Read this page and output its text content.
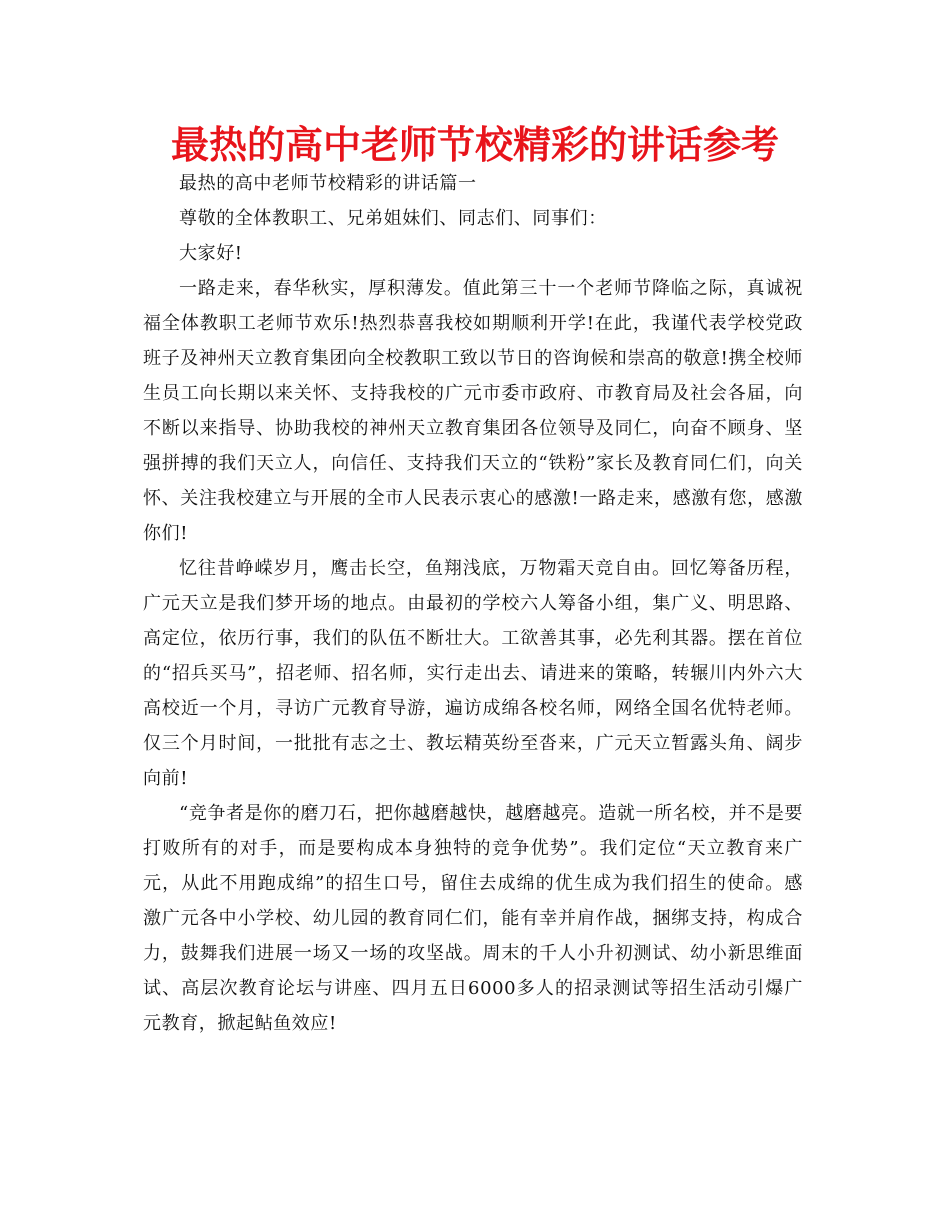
最热的高中老师节校精彩的讲话参考

最热的高中老师节校精彩的讲话篇一

尊敬的全体教职工、兄弟姐妹们、同志们、同事们：

大家好!

一路走来，春华秋实，厚积薄发。值此第三十一个老师节降临之际，真诚祝福全体教职工老师节欢乐!热烈恭喜我校如期顺利开学!在此，我谨代表学校党政班子及神州天立教育集团向全校教职工致以节日的咨询候和崇高的敬意!携全校师生员工向长期以来关怀、支持我校的广元市委市政府、市教育局及社会各届，向不断以来指导、协助我校的神州天立教育集团各位领导及同仁，向奋不顾身、坚强拼搏的我们天立人，向信任、支持我们天立的“铁粉”家长及教育同仁们，向关怀、关注我校建立与开展的全市人民表示衷心的感激!一路走来，感激有您，感激你们!

忆往昔峥嵘岁月，鹰击长空，鱼翔浅底，万物霜天竞自由。回忆筹备历程，广元天立是我们梦开场的地点。由最初的学校六人筹备小组，集广义、明思路、高定位，依历行事，我们的队伍不断壮大。工欲善其事，必先利其器。摆在首位的“招兵买马”，招老师、招名师，实行走出去、请进来的策略，转辗川内外六大高校近一个月，寻访广元教育导游，遍访成绵各校名师，网络全国名优特老师。仅三个月时间，一批批有志之士、教坛精英纷至沓来，广元天立暂露头角、阔步向前!

“竞争者是你的磨刀石，把你越磨越快，越磨越亮。造就一所名校，并不是要打败所有的对手，而是要构成本身独特的竞争优势”。我们定位“天立教育来广元，从此不用跑成绵”的招生口号，留住去成绵的优生成为我们招生的使命。感激广元各中小学校、幼儿园的教育同仁们，能有幸并肩作战，捆绑支持，构成合力，鼓舞我们进展一场又一场的攻坚战。周末的千人小升初测试、幼小新思维面试、高层次教育论坛与讲座、四月五日6000多人的招录测试等招生活动引爆广元教育，掀起鲇鱼效应!
